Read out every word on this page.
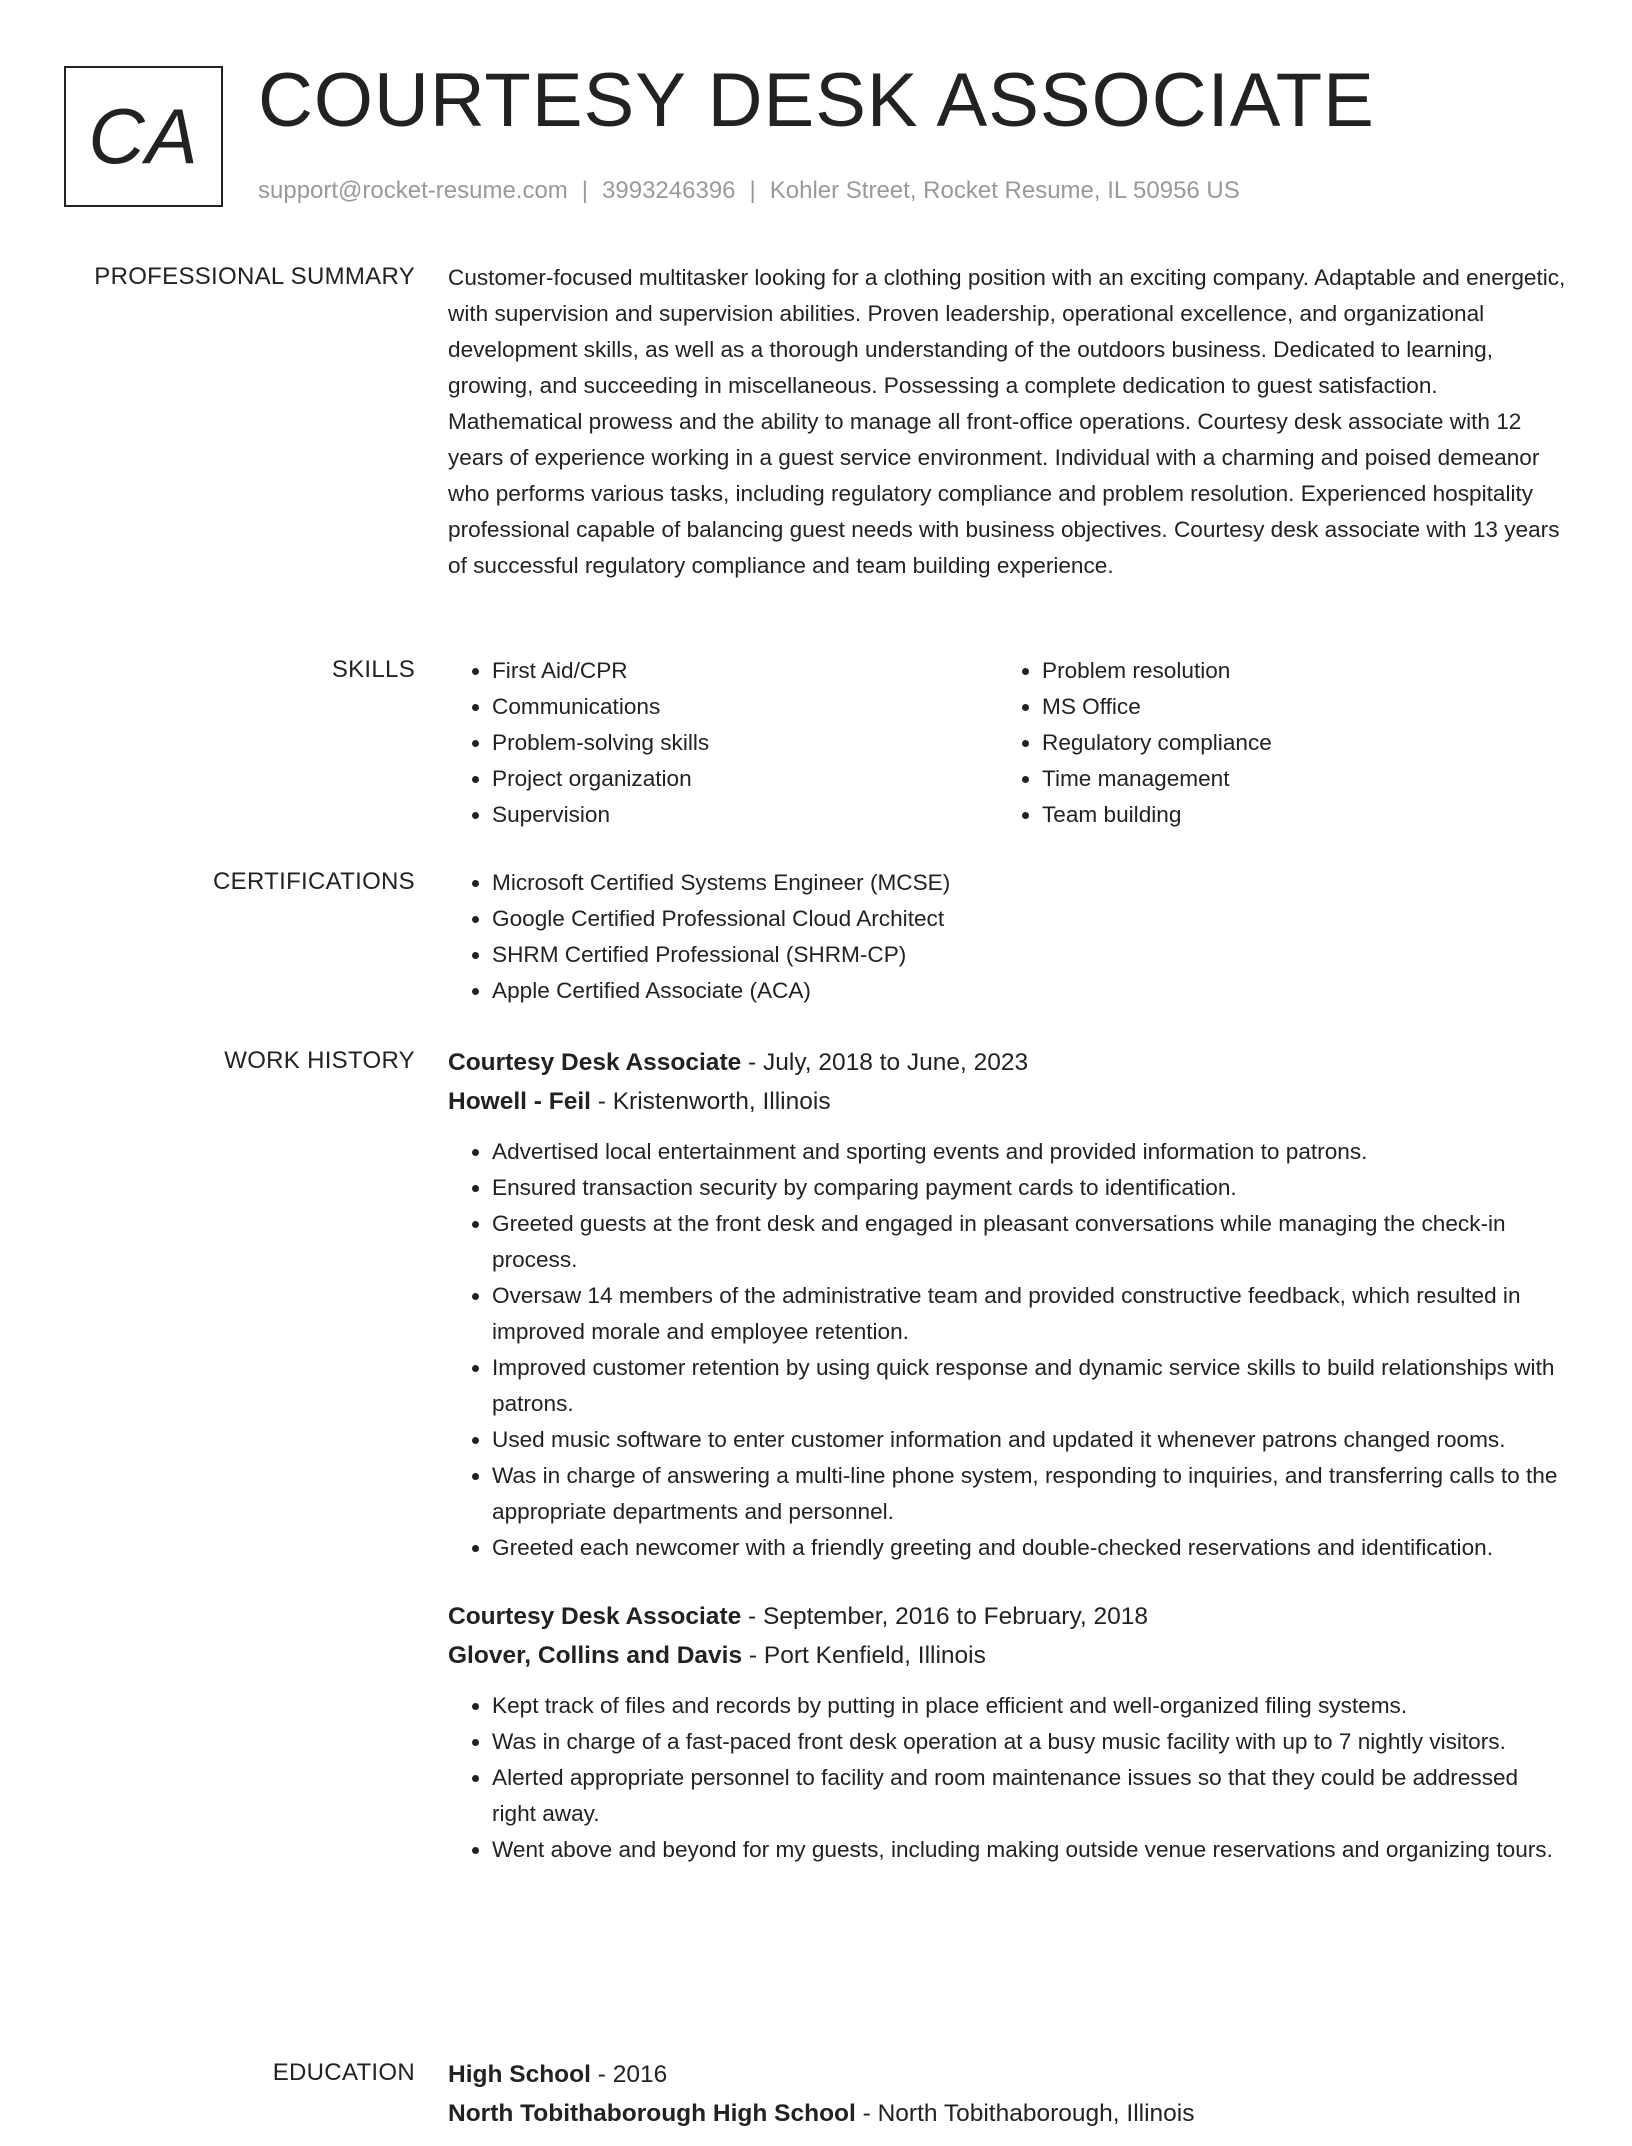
CA COURTESY DESK ASSOCIATE
support@rocket-resume.com | 3993246396 | Kohler Street, Rocket Resume, IL 50956 US
PROFESSIONAL SUMMARY Customer-focused multitasker looking for a clothing position with an exciting company. Adaptable and energetic, with supervision and supervision abilities. Proven leadership, operational excellence, and organizational development skills, as well as a thorough understanding of the outdoors business. Dedicated to learning, growing, and succeeding in miscellaneous. Possessing a complete dedication to guest satisfaction. Mathematical prowess and the ability to manage all front-office operations. Courtesy desk associate with 12 years of experience working in a guest service environment. Individual with a charming and poised demeanor who performs various tasks, including regulatory compliance and problem resolution. Experienced hospitality professional capable of balancing guest needs with business objectives. Courtesy desk associate with 13 years of successful regulatory compliance and team building experience.

SKILLS	• First Aid/CPR
• Communications
• Problem-solving skills
• Project organization
• Supervision
• Problem resolution
• MS Office
• Regulatory compliance
• Time management
• Team building
CERTIFICATIONS	• Microsoft Certified Systems Engineer (MCSE)
• Google Certified Professional Cloud Architect
• SHRM Certified Professional (SHRM-CP)
• Apple Certified Associate (ACA)
WORK HISTORY Courtesy Desk Associate - July, 2018 to June, 2023
Howell - Feil - Kristenworth, Illinois
• Advertised local entertainment and sporting events and provided information to patrons.
• Ensured transaction security by comparing payment cards to identification.
• Greeted guests at the front desk and engaged in pleasant conversations while managing the check-in process.
• Oversaw 14 members of the administrative team and provided constructive feedback, which resulted in improved morale and employee retention.
• Improved customer retention by using quick response and dynamic service skills to build relationships with patrons.
• Used music software to enter customer information and updated it whenever patrons changed rooms.
• Was in charge of answering a multi-line phone system, responding to inquiries, and transferring calls to the appropriate departments and personnel.
• Greeted each newcomer with a friendly greeting and double-checked reservations and identification.
Courtesy Desk Associate - September, 2016 to February, 2018
Glover, Collins and Davis - Port Kenfield, Illinois
• Kept track of files and records by putting in place efficient and well-organized filing systems.
• Was in charge of a fast-paced front desk operation at a busy music facility with up to 7 nightly visitors.
• Alerted appropriate personnel to facility and room maintenance issues so that they could be addressed right away.
• Went above and beyond for my guests, including making outside venue reservations and organizing tours.
EDUCATION High School - 2016
North Tobithaborough High School - North Tobithaborough, Illinois
